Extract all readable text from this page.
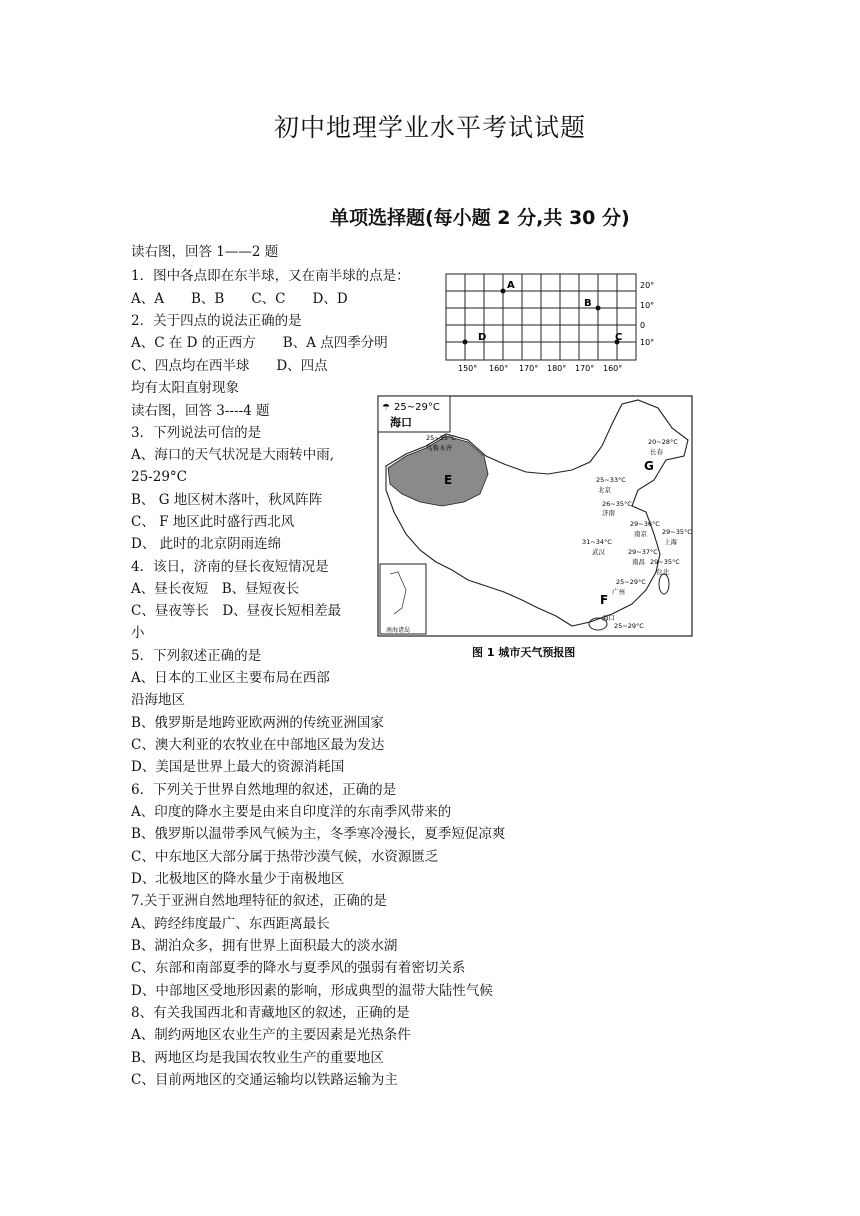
初中地理学业水平考试试题
单项选择题(每小题 2 分,共 30 分)
读右图，回答 1——2 题
1．图中各点即在东半球，又在南半球的点是：
A、A　　B、B　　C、C　　D、D
2．关于四点的说法正确的是
A、C 在 D 的正西方　　B、A 点四季分明
C、四点均在西半球　　D、四点
均有太阳直射现象
读右图，回答 3----4 题
3．下列说法可信的是
A、海口的天气状况是大雨转中雨,
25-29°C
B、 G 地区树木落叶，秋风阵阵
C、 F 地区此时盛行西北风
D、 此时的北京阴雨连绵
4．该日，济南的昼长夜短情况是
A、昼长夜短　B、昼短夜长
C、昼夜等长　D、昼夜长短相差最
小
5．下列叙述正确的是
A、日本的工业区主要布局在西部
沿海地区
B、俄罗斯是地跨亚欧两洲的传统亚洲国家
C、澳大利亚的农牧业在中部地区最为发达
D、美国是世界上最大的资源消耗国
6．下列关于世界自然地理的叙述，正确的是
A、印度的降水主要是由来自印度洋的东南季风带来的
B、俄罗斯以温带季风气候为主，冬季寒冷漫长，夏季短促凉爽
C、中东地区大部分属于热带沙漠气候，水资源匮乏
D、北极地区的降水量少于南极地区
7.关于亚洲自然地理特征的叙述，正确的是
A、跨经纬度最广、东西距离最长
B、湖泊众多，拥有世界上面积最大的淡水湖
C、东部和南部夏季的降水与夏季风的强弱有着密切关系
D、中部地区受地形因素的影响，形成典型的温带大陆性气候
8、有关我国西北和青藏地区的叙述，正确的是
A、制约两地区农业生产的主要因素是光热条件
B、两地区均是我国农牧业生产的重要地区
C、目前两地区的交通运输均以铁路运输为主
A
B
C
D
20°
10°
0
10°
150° 160° 170° 180° 170° 160°
☂ 25~29°C
海口
南海诸岛
E
F
G
25~35°C
乌鲁木齐
20~28°C
长春
25~33°C
北京
26~35°C
济南
29~36°C
南京 29~35°C
上海
31~34°C
武汉	29~37°C
南昌 29~35°C
台北
25~29°C
广州
25~29°C
海口
图 1 城市天气预报图
